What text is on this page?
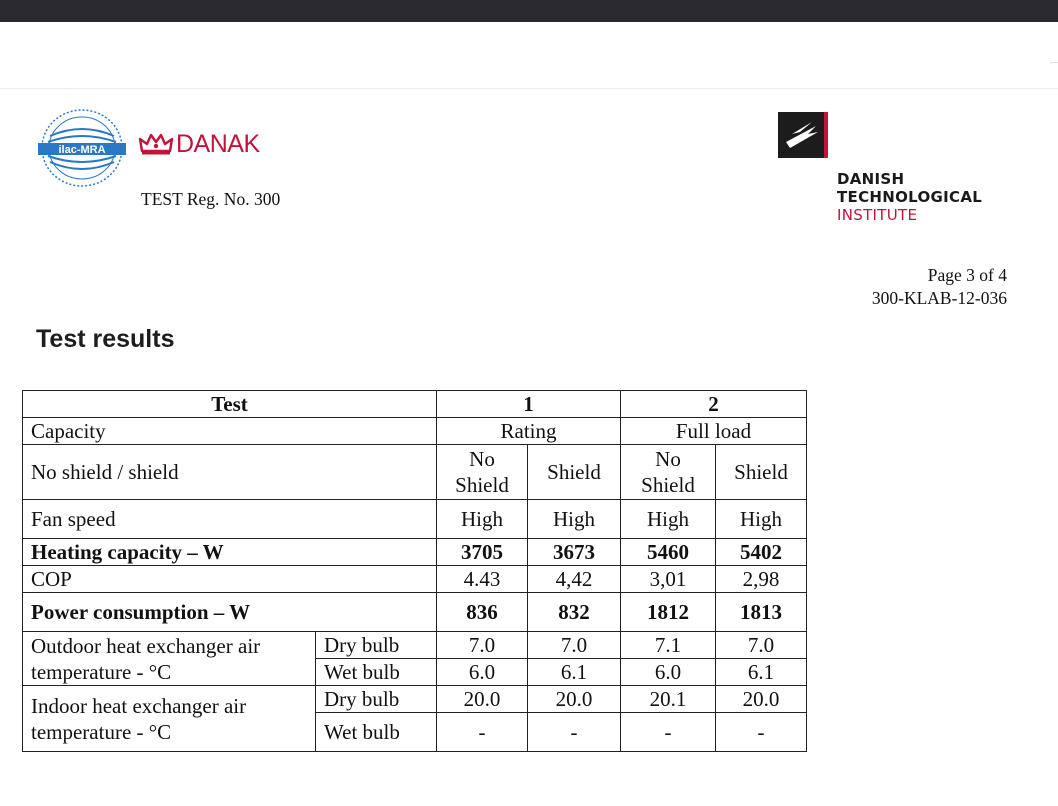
ilac-MRA	DANAK
TEST Reg. No. 300
DANISH
TECHNOLOGICAL
INSTITUTE
Page 3 of 4
300-KLAB-12-036
Test results
Test		1		2	
Capacity		Rating		Full load	
No shield / shield		No Shield	Shield	No Shield	Shield
Fan speed		High	High	High	High
Heating capacity – W		3705	3673	5460	5402
COP		4.43	4,42	3,01	2,98
Power consumption – W		836	832	1812	1813
Outdoor heat exchanger air temperature - °C	Dry bulb	7.0	7.0	7.1	7.0
	Wet bulb	6.0	6.1	6.0	6.1
Indoor heat exchanger air temperature - °C	Dry bulb	20.0	20.0	20.1	20.0
	Wet bulb	-	-	-	-
